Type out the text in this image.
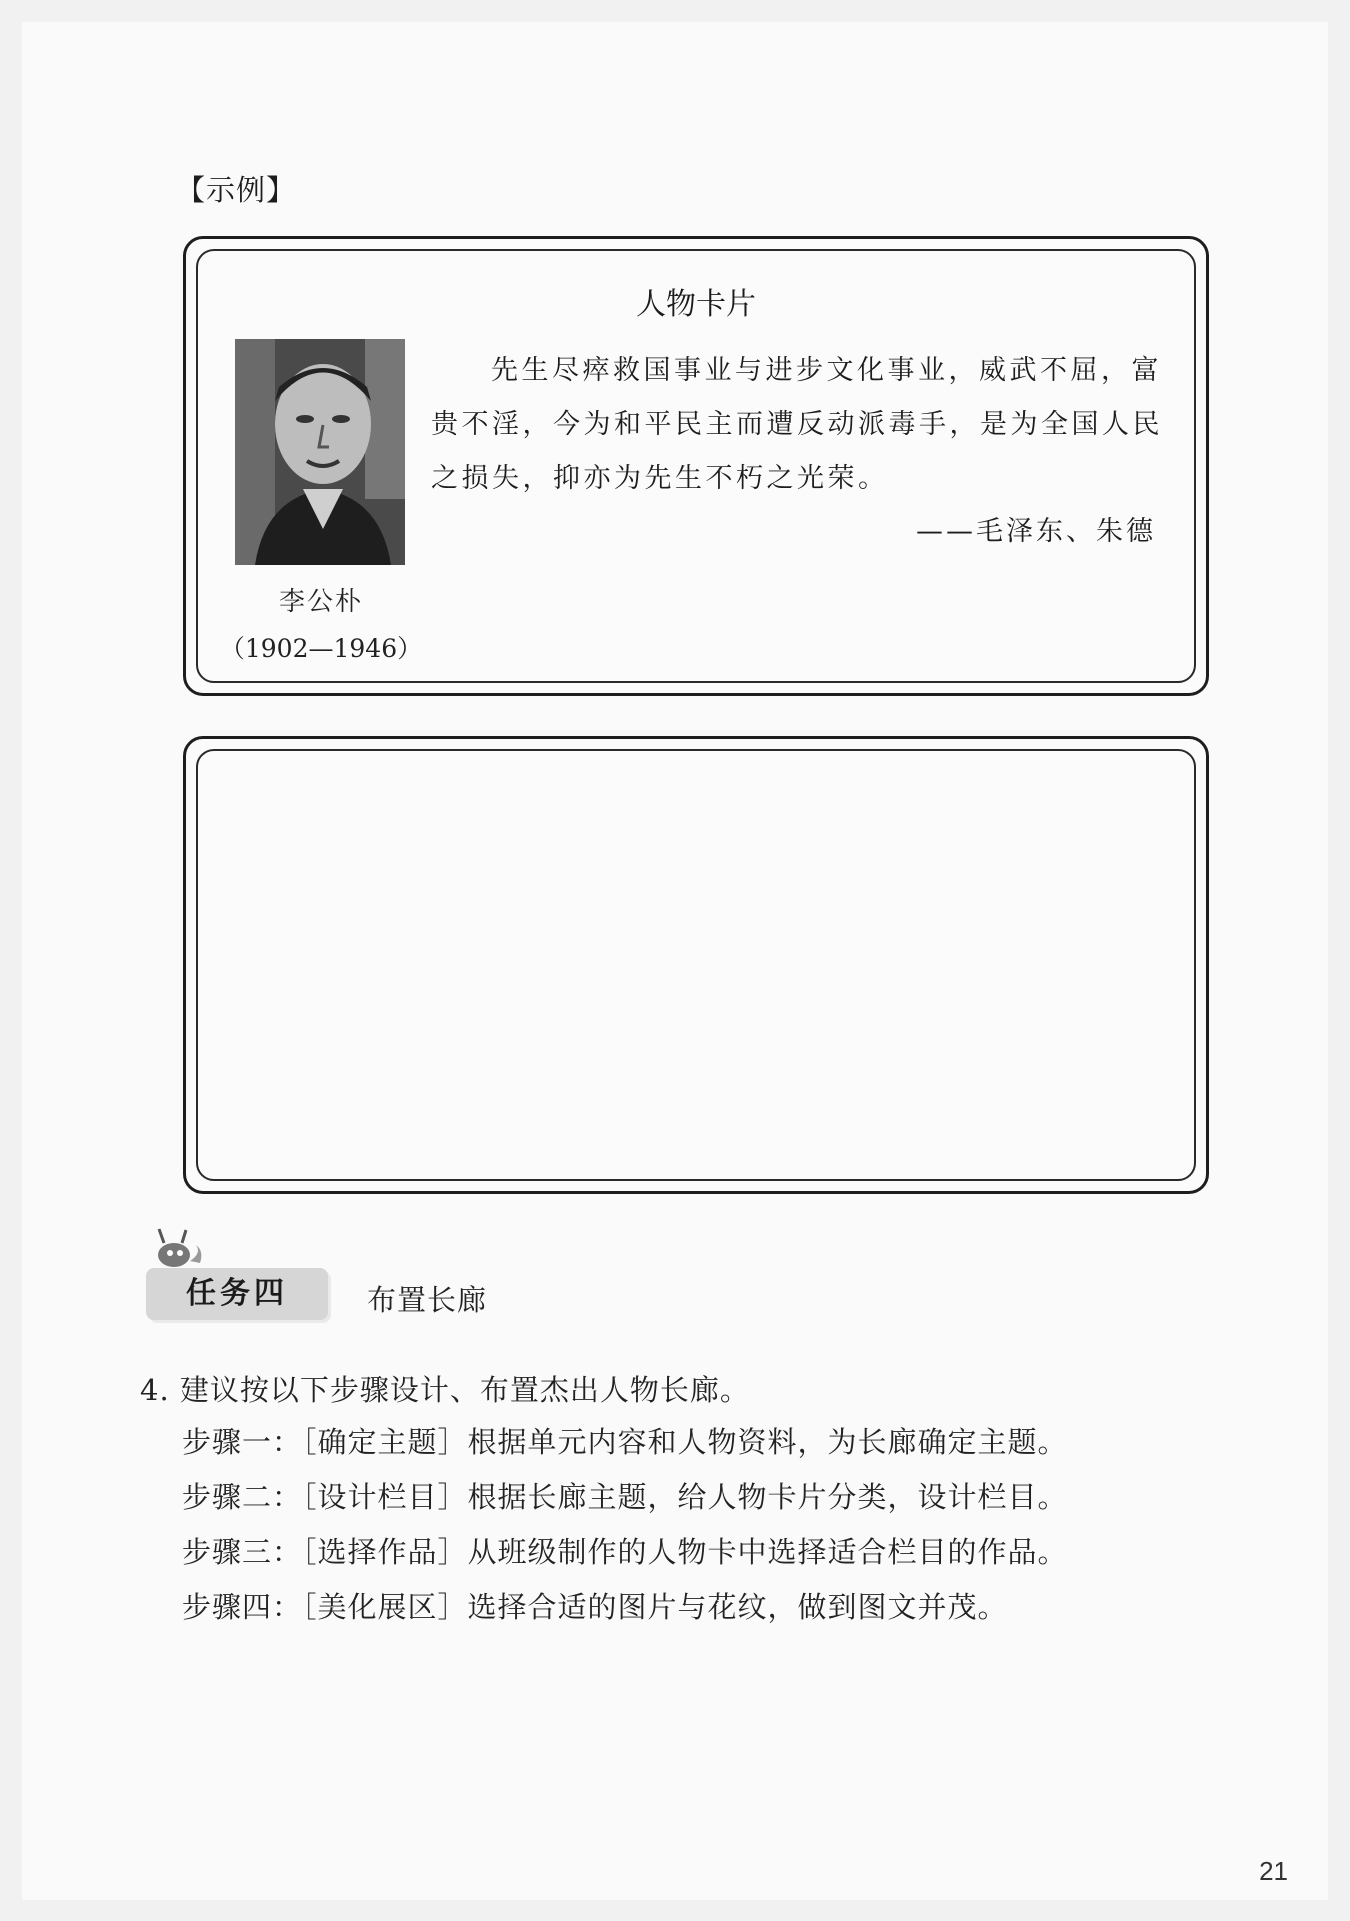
【示例】
人物卡片
李公朴
（1902—1946）

先生尽瘁救国事业与进步文化事业，威武不屈，富贵不淫，今为和平民主而遭反动派毒手，是为全国人民之损失，抑亦为先生不朽之光荣。

——毛泽东、朱德
任务四	布置长廊
4. 建议按以下步骤设计、布置杰出人物长廊。
步骤一：［确定主题］根据单元内容和人物资料，为长廊确定主题。
步骤二：［设计栏目］根据长廊主题，给人物卡片分类，设计栏目。
步骤三：［选择作品］从班级制作的人物卡中选择适合栏目的作品。
步骤四：［美化展区］选择合适的图片与花纹，做到图文并茂。
21
